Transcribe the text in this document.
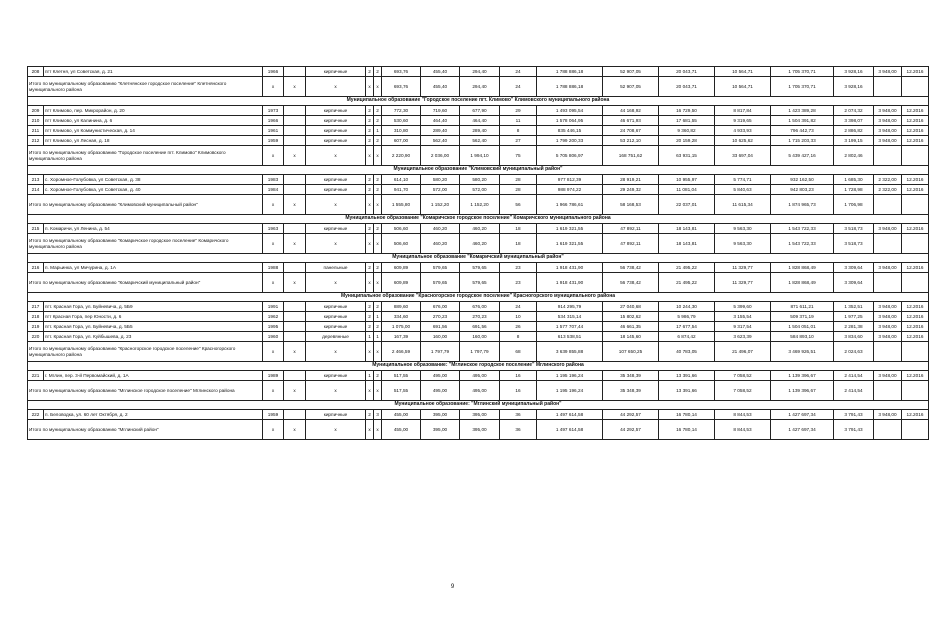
208	пгт Клетня, ул Советская, д. 21	1966		кирпичные	2	2	693,76	455,40	294,40	24	1 788 886,18	52 907,05	20 043,71	10 564,71	1 705 370,71	3 928,16	3 948,00	12.2016
Итого по муниципальному образованию "Клетнянское городское поселение" Клетнянского муниципального района		х	х	х	х	х	693,76	455,40	294,40	24	1 788 886,18	52 907,05	20 043,71	10 564,71	1 705 370,71	3 928,16		
Муниципальное образование "Городское поселение пгт. Климово" Климовского муниципального района																		
209	пгт Климово, пер. Микрорайон, д. 20	1973		кирпичные	2	2	772,30	719,60	677,90	29	1 493 095,54	44 168,92	16 729,50	8 817,84	1 423 389,28	2 074,32	3 948,00	12.2016
210	пгт Климово, ул Калинина, д. 6	1966		кирпичные	2	2	530,60	464,40	464,40	11	1 578 064,95	46 671,93	17 681,55	9 319,65	1 504 391,82	3 398,07	3 948,00	12.2016
211	пгт Климово, ул Коммунистическая, д. 14	1961		кирпичные	2	1	310,80	289,40	289,40	8	835 446,15	24 708,67	9 360,82	4 933,93	796 442,73	2 886,82	3 948,00	12.2016
212	пгт Климово, ул Лесная, д. 18	1959		кирпичные	2	2	607,00	562,40	562,40	27	1 799 200,33	53 212,10	20 159,28	10 625,62	1 715 203,33	3 199,15	3 948,00	12.2016
Итого по муниципальному образованию "Городское поселение пгт. Климово" Климовского муниципального района		х	х	х	х	х	2 220,90	2 036,00	1 994,10	75	5 705 806,97	168 751,62	63 931,15	33 697,04	5 439 427,16	2 802,46		
Муниципальное образование "Климовский муниципальный район"																		
213	с. Хоромное-Голубовка, ул Советская, д. 38	1983		кирпичные	2	2	614,10	580,20	580,20	28	977 812,39	28 919,21	10 955,97	5 774,71	932 162,50	1 685,30	2 322,00	12.2016
214	с. Хоромное-Голубовка, ул Советская, д. 40	1984		кирпичные	2	2	941,70	572,00	572,00	28	988 974,22	29 249,32	11 081,04	5 840,63	942 803,23	1 728,98	2 322,00	12.2016
Итого по муниципальному образованию "Климовский муниципальный район"		х	х	х	х	х	1 555,80	1 152,20	1 152,20	56	1 966 786,61	58 168,53	22 037,01	11 615,34	1 874 965,73	1 706,98		
Муниципальное образование "Комаричское городское поселение" Комаричского муниципального района																		
215	п. Комаричи, ул Ленина, д. 54	1963		кирпичные	2	2	506,60	460,20	460,20	18	1 619 321,55	47 892,11	18 143,81	9 563,30	1 543 722,33	3 518,73	3 948,00	12.2016
Итого по муниципальному образованию "Комаричское городское поселение" Комаричского муниципального района		х	х	х	х	х	506,60	460,20	460,20	18	1 619 321,55	47 892,11	18 143,81	9 563,30	1 543 722,33	3 518,73		
Муниципальное образование "Комаричский муниципальный район"																		
216	п. Марьинка, ул Мичурина, д. 1А	1988		панельные	2	2	609,89	579,65	579,65	23	1 918 431,90	56 738,42	21 495,22	11 329,77	1 828 868,49	3 309,64	3 948,00	12.2016
Итого по муниципальному образованию "Комаричский муниципальный район"		х	х	х	х	х	609,89	579,65	579,65	23	1 918 431,90	56 738,42	21 495,22	11 329,77	1 828 868,49	3 309,64		
Муниципальное образование "Красногорское городское поселение" Красногорского муниципального района																		
217	пгт. Красная Гора, ул. Буйневича, д. 5Б9	1991		кирпичные	2	2	889,60	676,00	676,00	24	914 295,79	27 040,68	10 244,30	5 399,60	871 611,21	1 352,51	3 948,00	12.2016
218	пгт Красная Гора, пер Юности, д. 6	1962		кирпичные	2	1	334,60	270,23	270,23	10	534 315,14	15 802,62	5 986,79	3 155,54	509 371,19	1 977,25	3 948,00	12.2016
219	пгт. Красная Гора, ул. Буйневича, д. 5Б5	1995		кирпичные	2	2	1 075,00	691,56	691,56	26	1 577 707,44	46 661,35	17 677,54	9 317,54	1 504 051,01	2 281,38	3 948,00	12.2016
220	пгт. Красная Гора, ул. Куйбышева, д. 23	1960		деревянные	1	1	167,39	160,00	160,00	8	613 538,51	18 145,60	6 874,42	3 623,39	584 893,10	3 834,60	3 948,00	12.2016
Итого по муниципальному образованию "Красногорское городское поселение" Красногорского муниципального района		х	х	х	х	х	2 466,59	1 797,79	1 797,79	68	3 639 855,88	107 650,25	40 783,05	21 496,07	3 469 926,51	2 024,63		
Муниципальное образование: "Мглинское городское поселение" Мглинского района																		
221	г. Мглин, пер. 3-й Первомайский, д. 1А	1989		кирпичные	1	2	517,55	495,00	495,00	16	1 195 196,24	35 348,39	13 391,66	7 058,52	1 139 396,67	2 414,54	3 948,00	12.2016
Итого по муниципальному образованию "Мглинское городское поселение" Мглинского района		х	х	х	х	х	517,55	495,00	495,00	16	1 195 196,24	35 348,39	13 391,66	7 058,52	1 139 396,67	2 414,54		
Муниципальное образование: "Мглинский муниципальный район"																		
222	п. Беловодка, ул. 60 лет Октября, д. 2	1959		кирпичные	2	3	455,00	395,00	395,00	36	1 497 614,58	44 292,57	16 780,14	8 844,53	1 427 697,34	3 791,43	3 948,00	12.2016
Итого по муниципальному образованию "Мглинский район"		х	х	х	х	х	455,00	395,00	395,00	36	1 497 614,58	44 292,57	16 780,14	8 844,53	1 427 697,34	3 791,43		
9
